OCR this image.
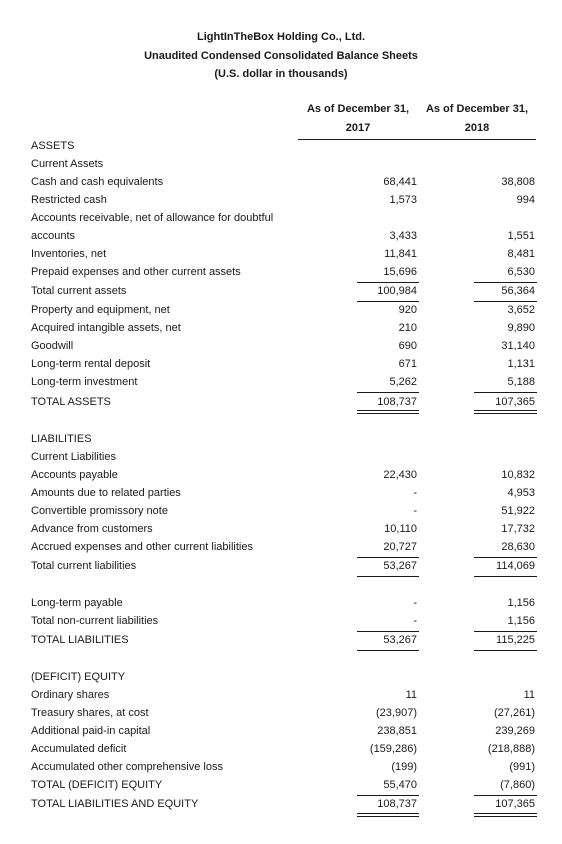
LightInTheBox Holding Co., Ltd.
Unaudited Condensed Consolidated Balance Sheets
(U.S. dollar in thousands)
As of December 31,
2017
As of December 31,
2018
ASSETS
Current Assets
Cash and cash equivalents	68,441	38,808
Restricted cash	1,573	994
Accounts receivable, net of allowance for doubtful
accounts	3,433	1,551
Inventories, net	11,841	8,481
Prepaid expenses and other current assets	15,696	6,530
Total current assets	100,984	56,364
Property and equipment, net	920	3,652
Acquired intangible assets, net	210	9,890
Goodwill	690	31,140
Long-term rental deposit	671	1,131
Long-term investment	5,262	5,188
TOTAL ASSETS	108,737	107,365
LIABILITIES
Current Liabilities
Accounts payable	22,430	10,832
Amounts due to related parties	-	4,953
Convertible promissory note	-	51,922
Advance from customers	10,110	17,732
Accrued expenses and other current liabilities	20,727	28,630
Total current liabilities	53,267	114,069
Long-term payable	-	1,156
Total non-current liabilities	-	1,156
TOTAL LIABILITIES	53,267	115,225
(DEFICIT) EQUITY
Ordinary shares	11	11
Treasury shares, at cost	(23,907)	(27,261)
Additional paid-in capital	238,851	239,269
Accumulated deficit	(159,286)	(218,888)
Accumulated other comprehensive loss	(199)	(991)
TOTAL (DEFICIT) EQUITY	55,470	(7,860)
TOTAL LIABILITIES AND EQUITY	108,737	107,365
